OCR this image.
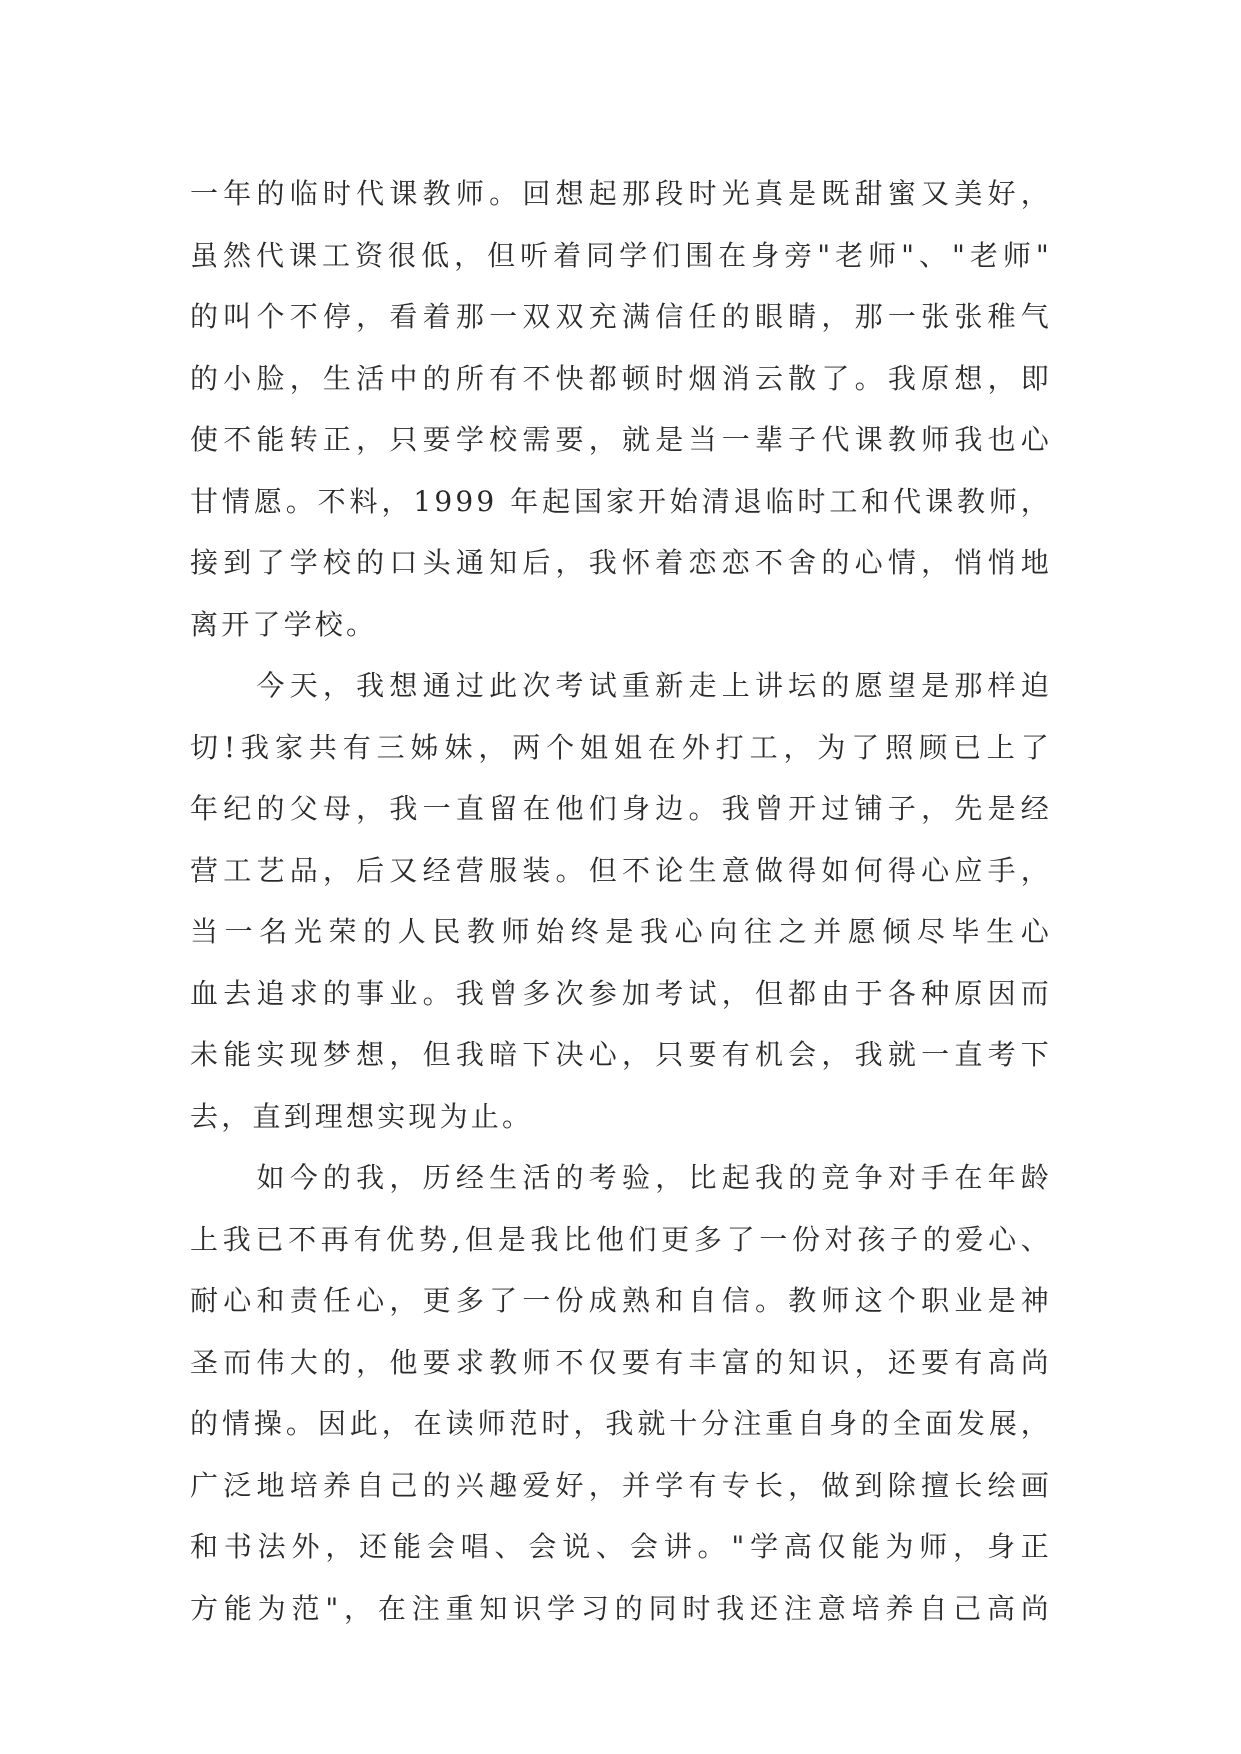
一年的临时代课教师。回想起那段时光真是既甜蜜又美好，
虽然代课工资很低，但听着同学们围在身旁"老师"、"老师"
的叫个不停，看着那一双双充满信任的眼睛，那一张张稚气
的小脸，生活中的所有不快都顿时烟消云散了。我原想，即
使不能转正，只要学校需要，就是当一辈子代课教师我也心
甘情愿。不料，1999 年起国家开始清退临时工和代课教师，
接到了学校的口头通知后，我怀着恋恋不舍的心情，悄悄地
离开了学校。
　　今天，我想通过此次考试重新走上讲坛的愿望是那样迫
切!我家共有三姊妹，两个姐姐在外打工，为了照顾已上了
年纪的父母，我一直留在他们身边。我曾开过铺子，先是经
营工艺品，后又经营服装。但不论生意做得如何得心应手，
当一名光荣的人民教师始终是我心向往之并愿倾尽毕生心
血去追求的事业。我曾多次参加考试，但都由于各种原因而
未能实现梦想，但我暗下决心，只要有机会，我就一直考下
去，直到理想实现为止。
　　如今的我，历经生活的考验，比起我的竞争对手在年龄
上我已不再有优势,但是我比他们更多了一份对孩子的爱心、
耐心和责任心，更多了一份成熟和自信。教师这个职业是神
圣而伟大的，他要求教师不仅要有丰富的知识，还要有高尚
的情操。因此，在读师范时，我就十分注重自身的全面发展，
广泛地培养自己的兴趣爱好，并学有专长，做到除擅长绘画
和书法外，还能会唱、会说、会讲。"学高仅能为师，身正
方能为范"，在注重知识学习的同时我还注意培养自己高尚
